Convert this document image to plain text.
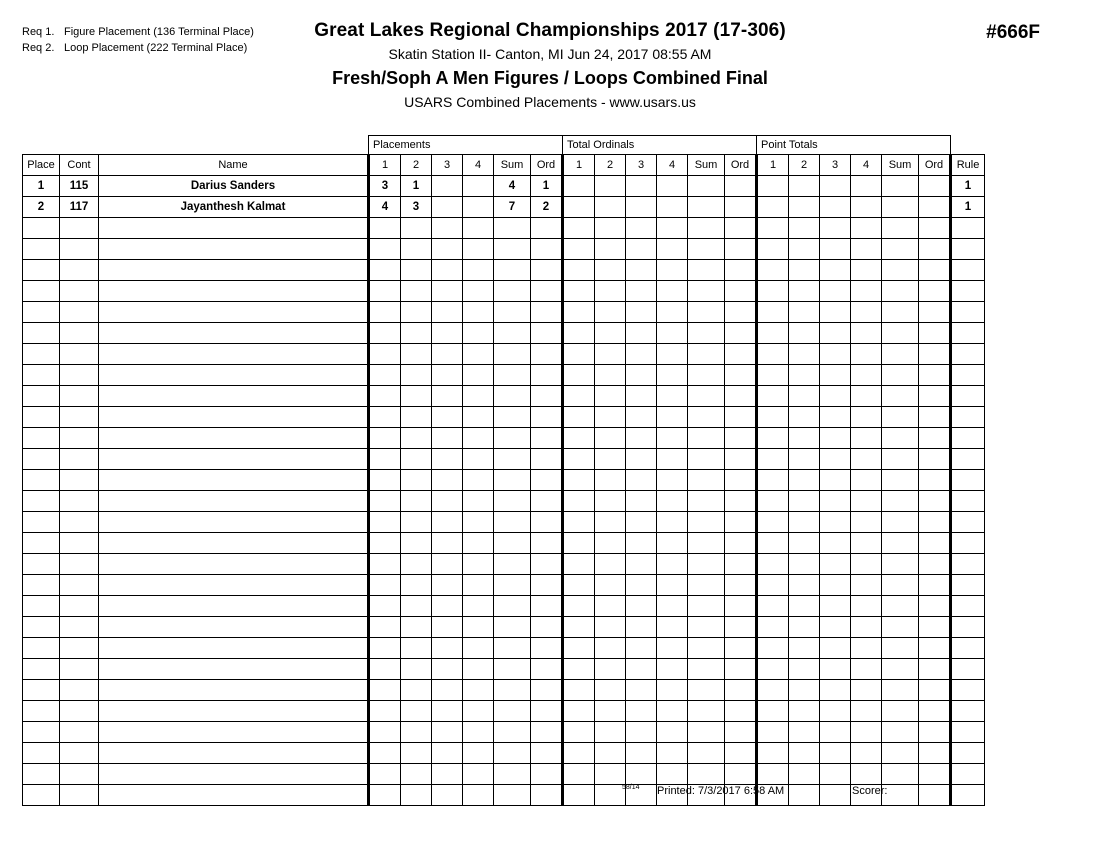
Req 1. Figure Placement (136 Terminal Place)
Req 2. Loop Placement (222 Terminal Place)
Great Lakes Regional Championships 2017 (17-306)
Skatin Station II- Canton, MI Jun 24, 2017 08:55 AM
Fresh/Soph A Men Figures / Loops Combined Final
USARS Combined Placements - www.usars.us
#666F
			Placements						Total Ordinals						Point Totals						
Place	Cont	Name	1	2	3	4	Sum	Ord	1	2	3	4	Sum	Ord	1	2	3	4	Sum	Ord	Rule
1	115	Darius Sanders	3	1			4	1													1
2	117	Jayanthesh Kalmat	4	3			7	2													1

58/14 Printed: 7/3/2017 6:58 AM	Scorer:
